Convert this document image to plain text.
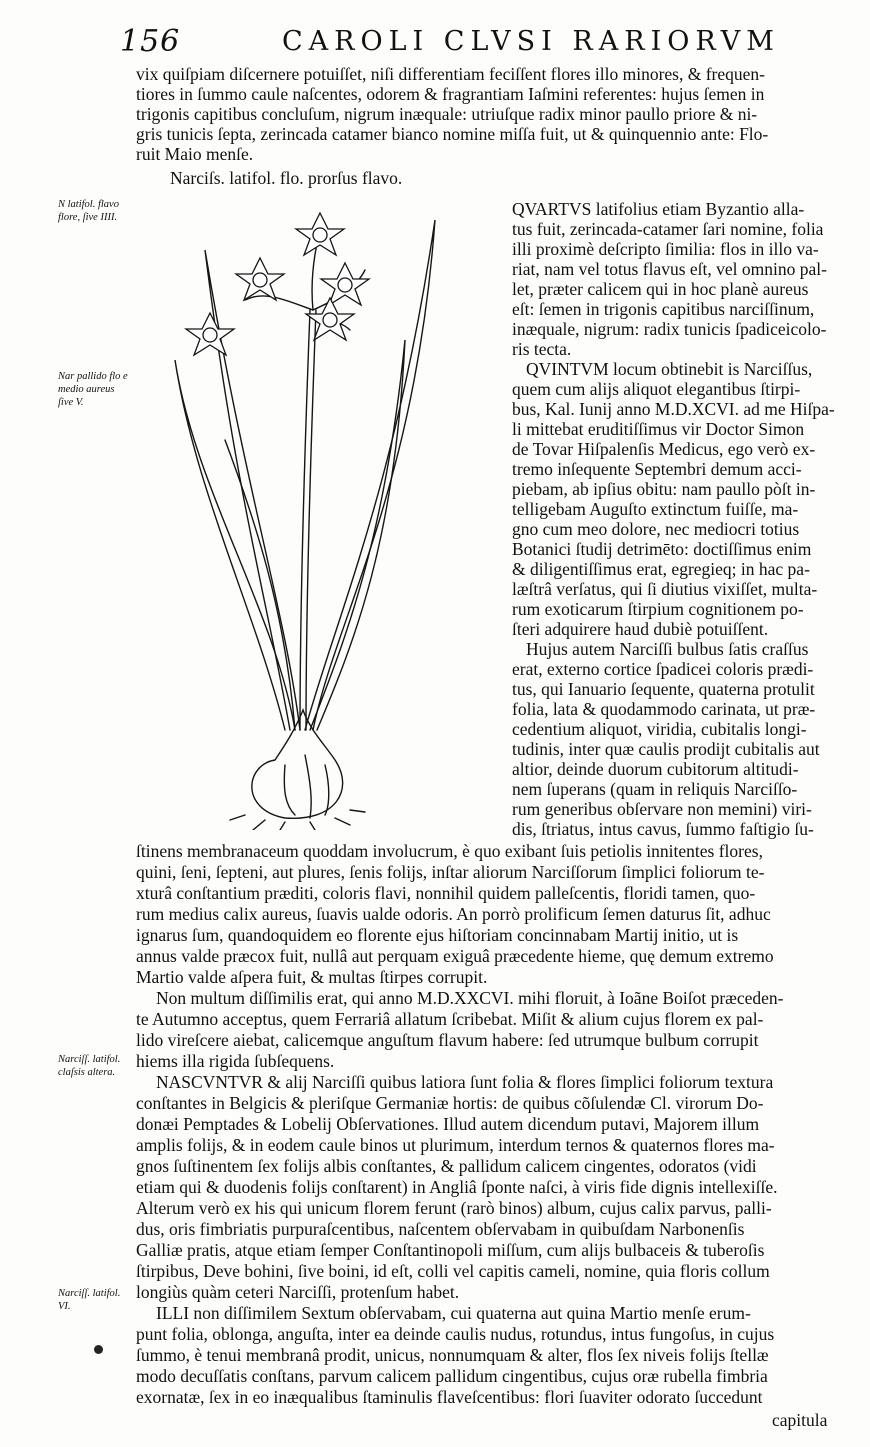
156	CAROLI CLVSI RARIORVM
vix quiſpiam diſcernere potuiſſet, niſi differentiam feciſſent flores illo minores, & frequen-
tiores in ſummo caule naſcentes, odorem & fragrantiam Iaſmini referentes: hujus ſemen in
trigonis capitibus concluſum, nigrum inæquale: utriuſque radix minor paullo priore & ni-
gris tunicis ſepta, zerincada catamer bianco nomine miſſa fuit, ut & quinquennio ante: Flo-
ruit Maio menſe.
Narciſs. latifol. flo. prorſus flavo.
N latifol. flavo flore, ſive IIII.
Nar pallido flo e medio aureus ſive V.
Narciſſ. latifol. claſsis altera.
Narciſſ. latifol. VI.
QVARTVS latifolius etiam Byzantio alla-
tus fuit, zerincada-catamer ſari nomine, folia
illi proximè deſcripto ſimilia: flos in illo va-
riat, nam vel totus flavus eſt, vel omnino pal-
let, præter calicem qui in hoc planè aureus
eſt: ſemen in trigonis capitibus narciſſinum,
inæquale, nigrum: radix tunicis ſpadiceicolo-
ris tecta.
QVINTVM locum obtinebit is Narciſſus,
quem cum alijs aliquot elegantibus ſtirpi-
bus, Kal. Iunij anno M.D.XCVI. ad me Hiſpa-
li mittebat eruditiſſimus vir Doctor Simon
de Tovar Hiſpalenſis Medicus, ego verò ex-
tremo inſequente Septembri demum acci-
piebam, ab ipſius obitu: nam paullo pòſt in-
telligebam Auguſto extinctum fuiſſe, ma-
gno cum meo dolore, nec mediocri totius
Botanici ſtudij detrimēto: doctiſſimus enim
& diligentiſſimus erat, egregieq; in hac pa-
læſtrâ verſatus, qui ſi diutius vixiſſet, multa-
rum exoticarum ſtirpium cognitionem po-
ſteri adquirere haud dubiè potuiſſent.
Hujus autem Narciſſi bulbus ſatis craſſus
erat, externo cortice ſpadicei coloris prædi-
tus, qui Ianuario ſequente, quaterna protulit
folia, lata & quodammodo carinata, ut præ-
cedentium aliquot, viridia, cubitalis longi-
tudinis, inter quæ caulis prodijt cubitalis aut
altior, deinde duorum cubitorum altitudi-
nem ſuperans (quam in reliquis Narciſſo-
rum generibus obſervare non memini) viri-
dis, ſtriatus, intus cavus, ſummo faſtigio ſu-
ſtinens membranaceum quoddam involucrum, è quo exibant ſuis petiolis innitentes flores,
quini, ſeni, ſepteni, aut plures, ſenis folijs, inſtar aliorum Narciſſorum ſimplici foliorum te-
xturâ conſtantium præditi, coloris flavi, nonnihil quidem palleſcentis, floridi tamen, quo-
rum medius calix aureus, ſuavis ualde odoris. An porrò prolificum ſemen daturus ſit, adhuc
ignarus ſum, quandoquidem eo florente ejus hiſtoriam concinnabam Martij initio, ut is
annus valde præcox fuit, nullâ aut perquam exiguâ præcedente hieme, quę demum extremo
Martio valde aſpera fuit, & multas ſtirpes corrupit.
Non multum diſſimilis erat, qui anno M.D.XXCVI. mihi floruit, à Ioãne Boiſot præceden-
te Autumno acceptus, quem Ferrariâ allatum ſcribebat. Miſit & alium cujus florem ex pal-
lido vireſcere aiebat, calicemque anguſtum flavum habere: ſed utrumque bulbum corrupit
hiems illa rigida ſubſequens.
NASCVNTVR & alij Narciſſi quibus latiora ſunt folia & flores ſimplici foliorum textura
conſtantes in Belgicis & pleriſque Germaniæ hortis: de quibus cõſulendæ Cl. virorum Do-
donæi Pemptades & Lobelij Obſervationes. Illud autem dicendum putavi, Majorem illum
amplis folijs, & in eodem caule binos ut plurimum, interdum ternos & quaternos flores ma-
gnos ſuſtinentem ſex folijs albis conſtantes, & pallidum calicem cingentes, odoratos (vidi
etiam qui & duodenis folijs conſtarent) in Angliâ ſponte naſci, à viris fide dignis intellexiſſe.
Alterum verò ex his qui unicum florem ferunt (rarò binos) album, cujus calix parvus, palli-
dus, oris fimbriatis purpuraſcentibus, naſcentem obſervabam in quibuſdam Narbonenſis
Galliæ pratis, atque etiam ſemper Conſtantinopoli miſſum, cum alijs bulbaceis & tuberoſis
ſtirpibus, Deve bohini, ſive boini, id eſt, colli vel capitis cameli, nomine, quia floris collum
longiùs quàm ceteri Narciſſi, protenſum habet.
ILLI non diſſimilem Sextum obſervabam, cui quaterna aut quina Martio menſe erum-
punt folia, oblonga, anguſta, inter ea deinde caulis nudus, rotundus, intus fungoſus, in cujus
ſummo, è tenui membranâ prodit, unicus, nonnumquam & alter, flos ſex niveis folijs ſtellæ
modo decuſſatis conſtans, parvum calicem pallidum cingentibus, cujus oræ rubella fimbria
exornatæ, ſex in eo inæqualibus ſtaminulis flaveſcentibus: flori ſuaviter odorato ſuccedunt
capitula
